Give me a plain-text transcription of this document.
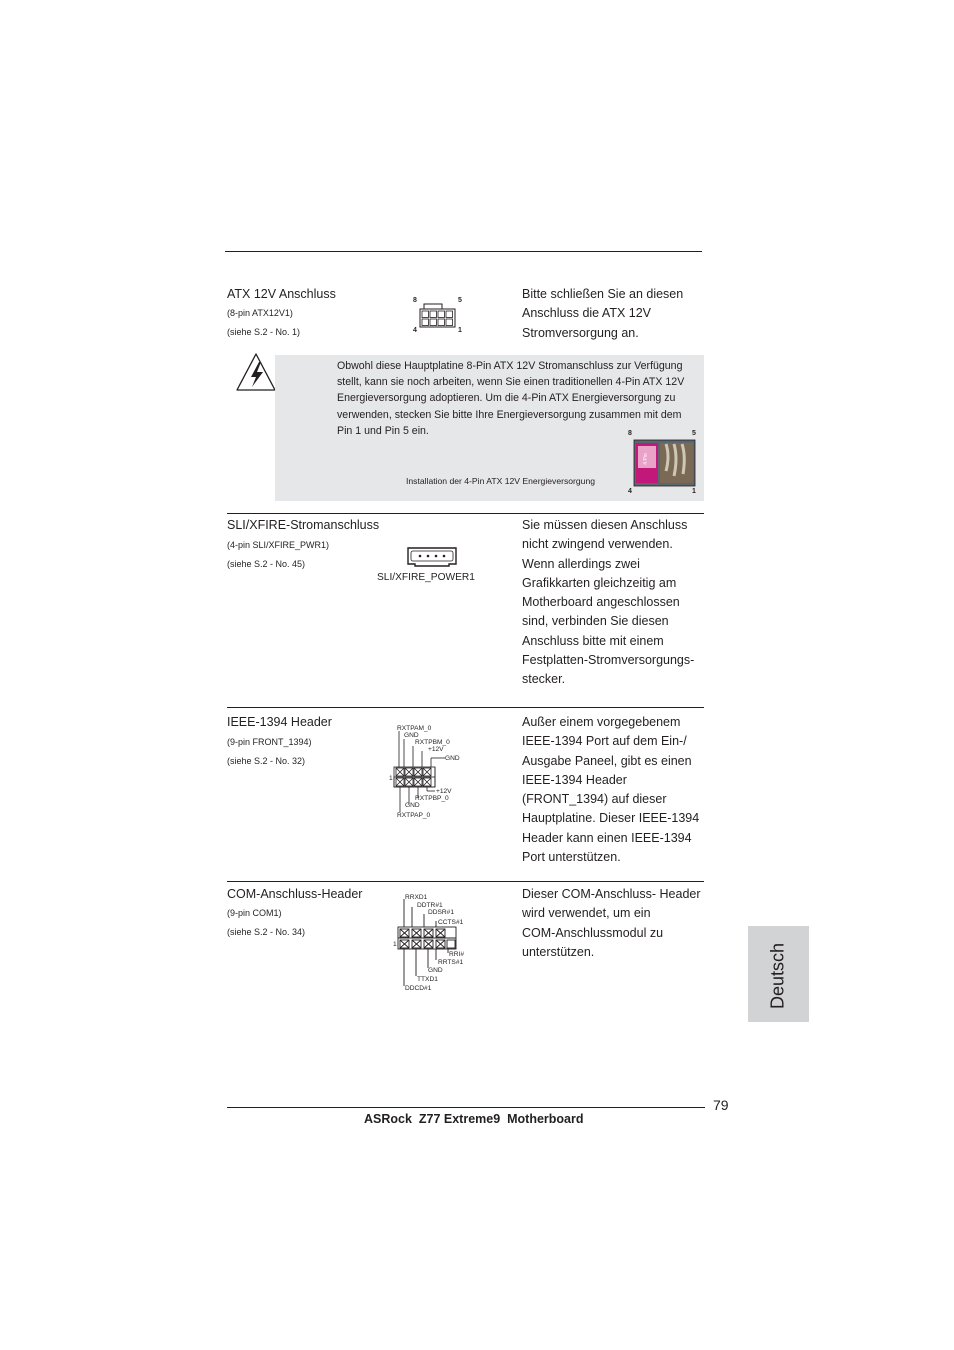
ATX 12V Anschluss
(8-pin ATX12V1)
(siehe S.2 - No. 1)
8	5
4	1
Bitte schließen Sie an diesen
Anschluss die ATX 12V
Stromversorgung an.
Obwohl diese Hauptplatine 8-Pin ATX 12V Stromanschluss zur Verfügung
stellt, kann sie noch arbeiten, wenn Sie einen traditionellen 4-Pin ATX 12V
Energieversorgung adoptieren. Um die 4-Pin ATX Energieversorgung zu
verwenden, stecken Sie bitte Ihre Energieversorgung zusammen mit dem
Pin 1 und Pin 5 ein.
Installation der 4-Pin ATX 12V Energieversorgung
8	5
4 Pin
4	1
SLI/XFIRE-Stromanschluss
(4-pin SLI/XFIRE_PWR1)
(siehe S.2 - No. 45)
SLI/XFIRE_POWER1
Sie müssen diesen Anschluss
nicht zwingend verwenden.
Wenn allerdings zwei
Grafikkarten gleichzeitig am
Motherboard angeschlossen
sind, verbinden Sie diesen
Anschluss bitte mit einem
Festplatten-Stromversorgungs-
stecker.
IEEE-1394 Header
(9-pin FRONT_1394)
(siehe S.2 - No. 32)
RXTPAM_0
GND
RXTPBM_0
+12V
GND
1
+12V
RXTPBP_0
GND
RXTPAP_0
Außer einem vorgegebenem
IEEE-1394 Port auf dem Ein-/
Ausgabe Paneel, gibt es einen
IEEE-1394 Header
(FRONT_1394) auf dieser
Hauptplatine. Dieser IEEE-1394
Header kann einen IEEE-1394
Port unterstützen.
COM-Anschluss-Header
(9-pin COM1)
(siehe S.2 - No. 34)
RRXD1
DDTR#1
DDSR#1
CCTS#1
1
RRI#
RRTS#1
GND
TTXD1
DDCD#1
Dieser COM-Anschluss- Header
wird verwendet, um ein
COM-Anschlussmodul zu
unterstützen.	Deutsch
79
ASRock  Z77 Extreme9  Motherboard
